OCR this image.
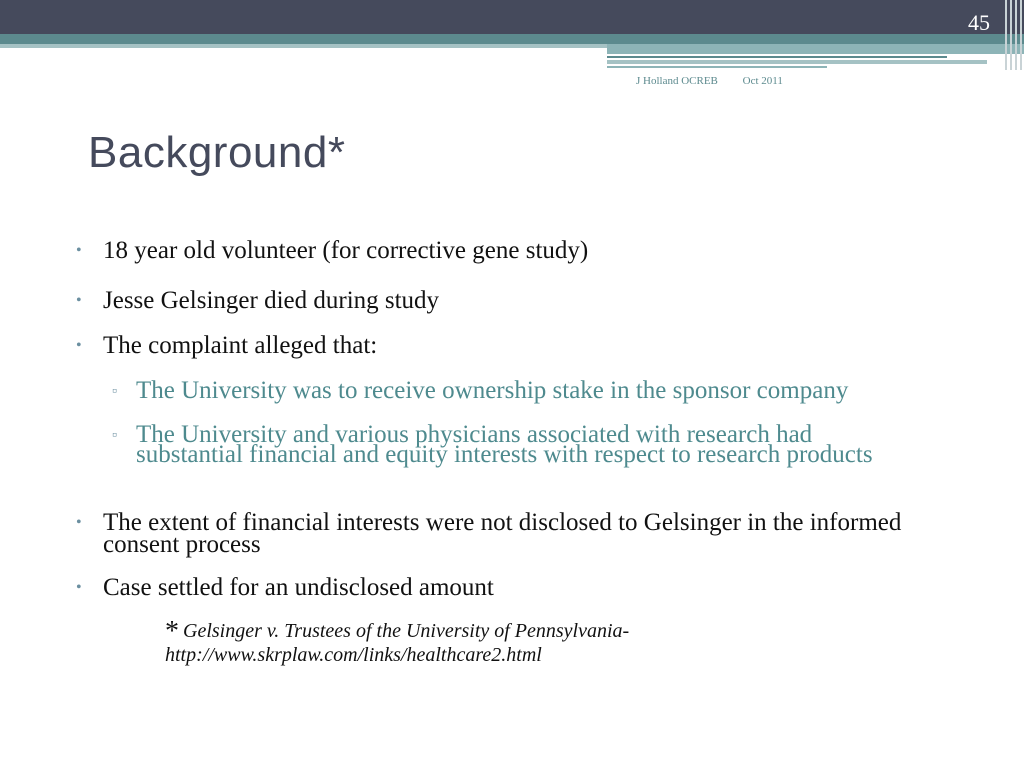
45
J Holland OCREB Oct 2011
Background*
• 18 year old volunteer (for corrective gene study)
• Jesse Gelsinger died during study
• The complaint alleged that:
▫ The University was to receive ownership stake in the sponsor company
▫ The University and various physicians associated with research had substantial financial and equity interests with respect to research products
• The extent of financial interests were not disclosed to Gelsinger in the informed consent process
• Case settled for an undisclosed amount
* Gelsinger v. Trustees of the University of Pennsylvania-
http://www.skrplaw.com/links/healthcare2.html
